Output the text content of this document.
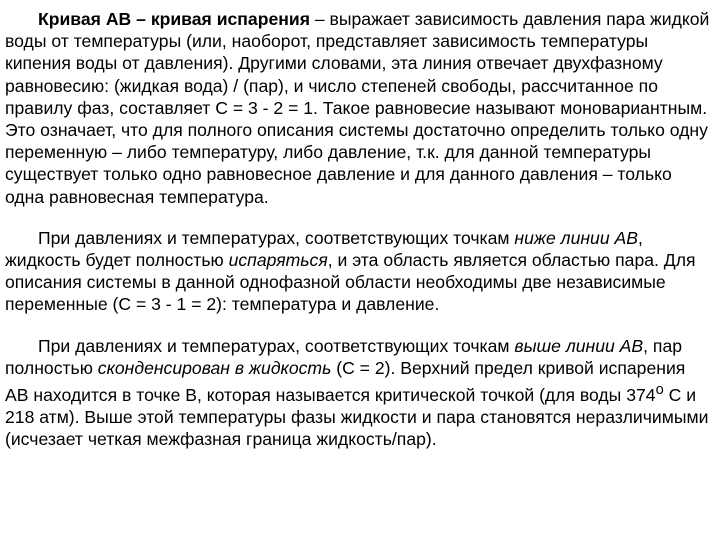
Кривая АВ – кривая испарения – выражает зависимость давления пара жидкой воды от температуры (или, наоборот, представляет зависимость температуры кипения воды от давления). Другими словами, эта линия отвечает двухфазному равновесию: (жидкая вода) / (пар), и число степеней свободы, рассчитанное по правилу фаз, составляет С = 3 - 2 = 1. Такое равновесие называют моновариантным. Это означает, что для полного описания системы достаточно определить только одну переменную – либо температуру, либо давление, т.к. для данной температуры существует только одно равновесное давление и для данного давления – только одна равновесная температура.

При давлениях и температурах, соответствующих точкам ниже линии АВ, жидкость будет полностью испаряться, и эта область является областью пара. Для описания системы в данной однофазной области необходимы две независимые переменные (С = 3 - 1 = 2): температура и давление.

При давлениях и температурах, соответствующих точкам выше линии АВ, пар полностью сконденсирован в жидкость (С = 2). Верхний предел кривой испарения АВ находится в точке В, которая называется критической точкой (для воды $374^о$ С и 218 атм). Выше этой температуры фазы жидкости и пара становятся неразличимыми (исчезает четкая межфазная граница жидкость/пар).
